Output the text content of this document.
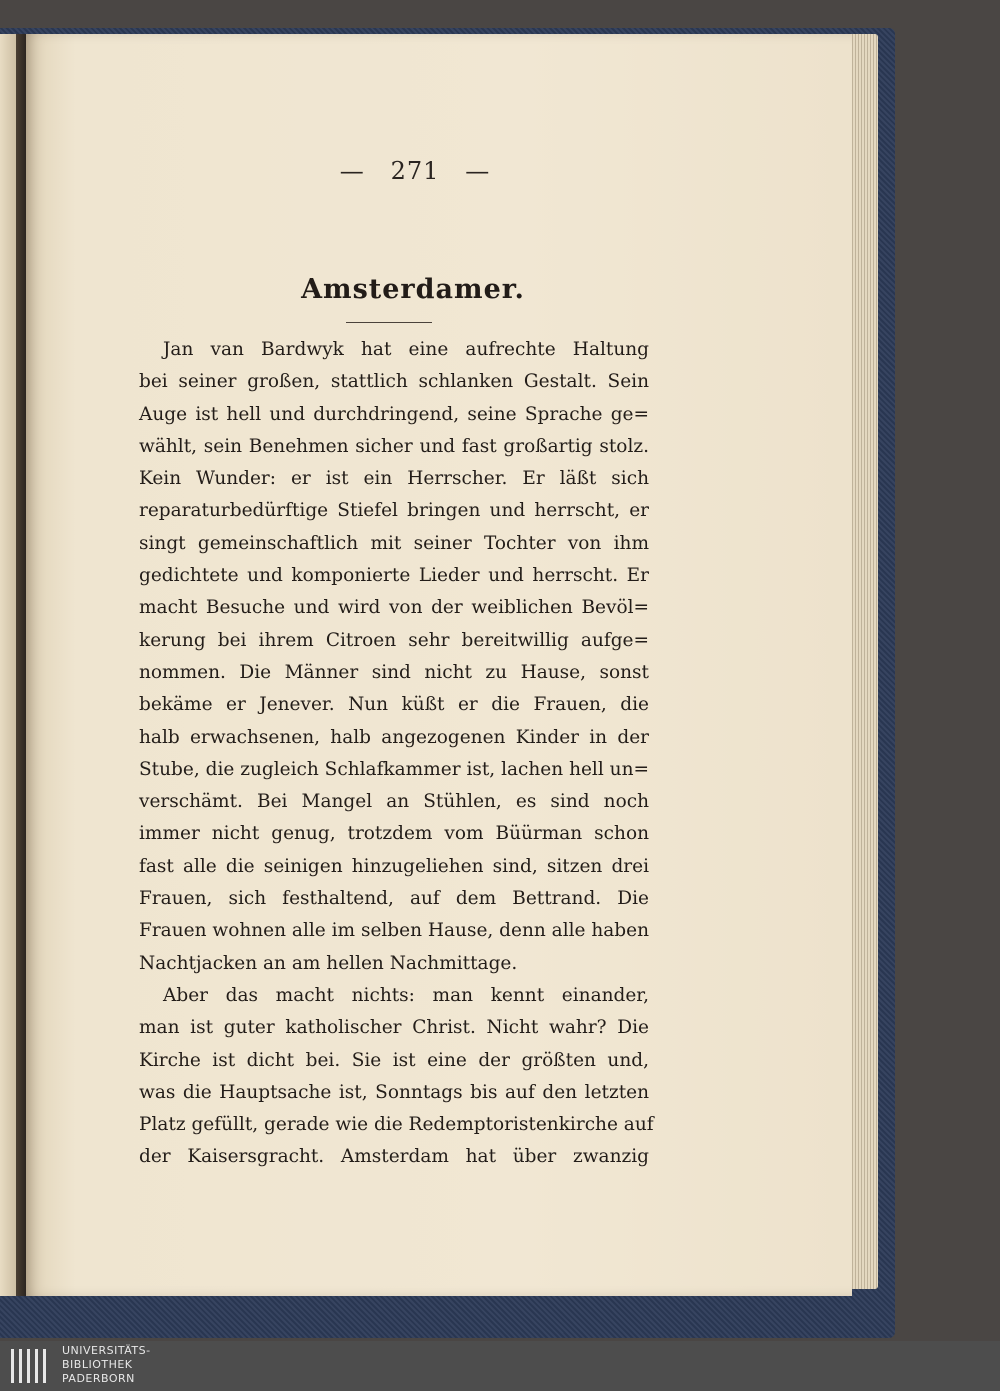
— 271 —
Amsterdamer.
Jan van Bardwyk hat eine aufrechte Haltung
bei seiner großen, stattlich schlanken Gestalt. Sein
Auge ist hell und durchdringend, seine Sprache ge=
wählt, sein Benehmen sicher und fast großartig stolz.
Kein Wunder: er ist ein Herrscher. Er läßt sich
reparaturbedürftige Stiefel bringen und herrscht, er
singt gemeinschaftlich mit seiner Tochter von ihm
gedichtete und komponierte Lieder und herrscht. Er
macht Besuche und wird von der weiblichen Bevöl=
kerung bei ihrem Citroen sehr bereitwillig aufge=
nommen. Die Männer sind nicht zu Hause, sonst
bekäme er Jenever. Nun küßt er die Frauen, die
halb erwachsenen, halb angezogenen Kinder in der
Stube, die zugleich Schlafkammer ist, lachen hell un=
verschämt. Bei Mangel an Stühlen, es sind noch
immer nicht genug, trotzdem vom Büürman schon
fast alle die seinigen hinzugeliehen sind, sitzen drei
Frauen, sich festhaltend, auf dem Bettrand. Die
Frauen wohnen alle im selben Hause, denn alle haben
Nachtjacken an am hellen Nachmittage.
Aber das macht nichts: man kennt einander,
man ist guter katholischer Christ. Nicht wahr? Die
Kirche ist dicht bei. Sie ist eine der größten und,
was die Hauptsache ist, Sonntags bis auf den letzten
Platz gefüllt, gerade wie die Redemptoristenkirche auf
der Kaisersgracht. Amsterdam hat über zwanzig
UNIVERSITÄTS-
BIBLIOTHEK
PADERBORN
